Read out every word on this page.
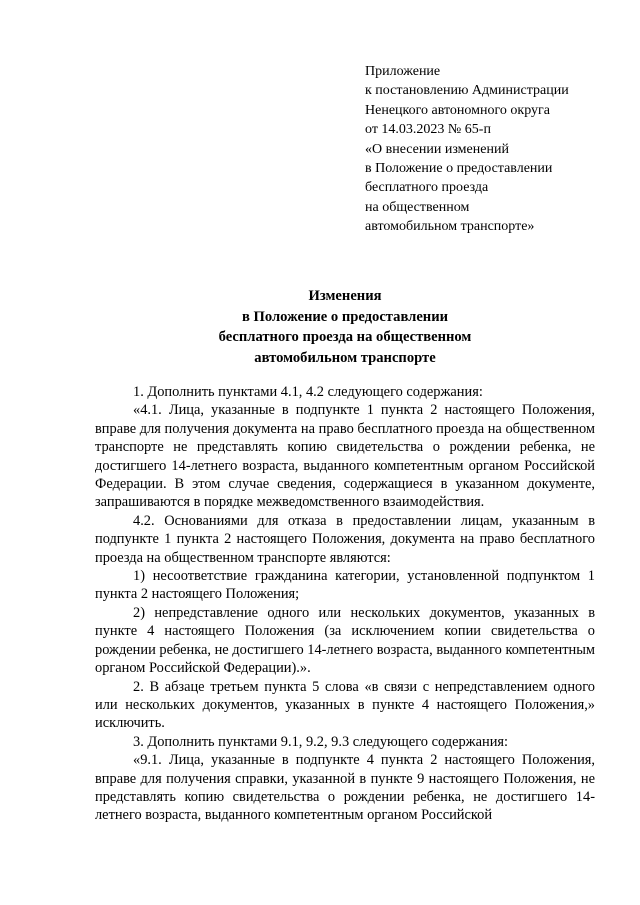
Приложение
к постановлению Администрации
Ненецкого автономного округа
от 14.03.2023 № 65-п
«О внесении изменений
в Положение о предоставлении
бесплатного проезда
на общественном
автомобильном транспорте»
Изменения
в Положение о предоставлении
бесплатного проезда на общественном
автомобильном транспорте

1. Дополнить пунктами 4.1, 4.2 следующего содержания:

«4.1. Лица, указанные в подпункте 1 пункта 2 настоящего Положения, вправе для получения документа на право бесплатного проезда на общественном транспорте не представлять копию свидетельства о рождении ребенка, не достигшего 14-летнего возраста, выданного компетентным органом Российской Федерации. В этом случае сведения, содержащиеся в указанном документе, запрашиваются в порядке межведомственного взаимодействия.

4.2. Основаниями для отказа в предоставлении лицам, указанным в подпункте 1 пункта 2 настоящего Положения, документа на право бесплатного проезда на общественном транспорте являются:

1) несоответствие гражданина категории, установленной подпунктом 1 пункта 2 настоящего Положения;

2) непредставление одного или нескольких документов, указанных в пункте 4 настоящего Положения (за исключением копии свидетельства о рождении ребенка, не достигшего 14-летнего возраста, выданного компетентным органом Российской Федерации).».

2. В абзаце третьем пункта 5 слова «в связи с непредставлением одного или нескольких документов, указанных в пункте 4 настоящего Положения,» исключить.

3. Дополнить пунктами 9.1, 9.2, 9.3 следующего содержания:

«9.1. Лица, указанные в подпункте 4 пункта 2 настоящего Положения, вправе для получения справки, указанной в пункте 9 настоящего Положения, не представлять копию свидетельства о рождении ребенка, не достигшего 14-летнего возраста, выданного компетентным органом Российской
